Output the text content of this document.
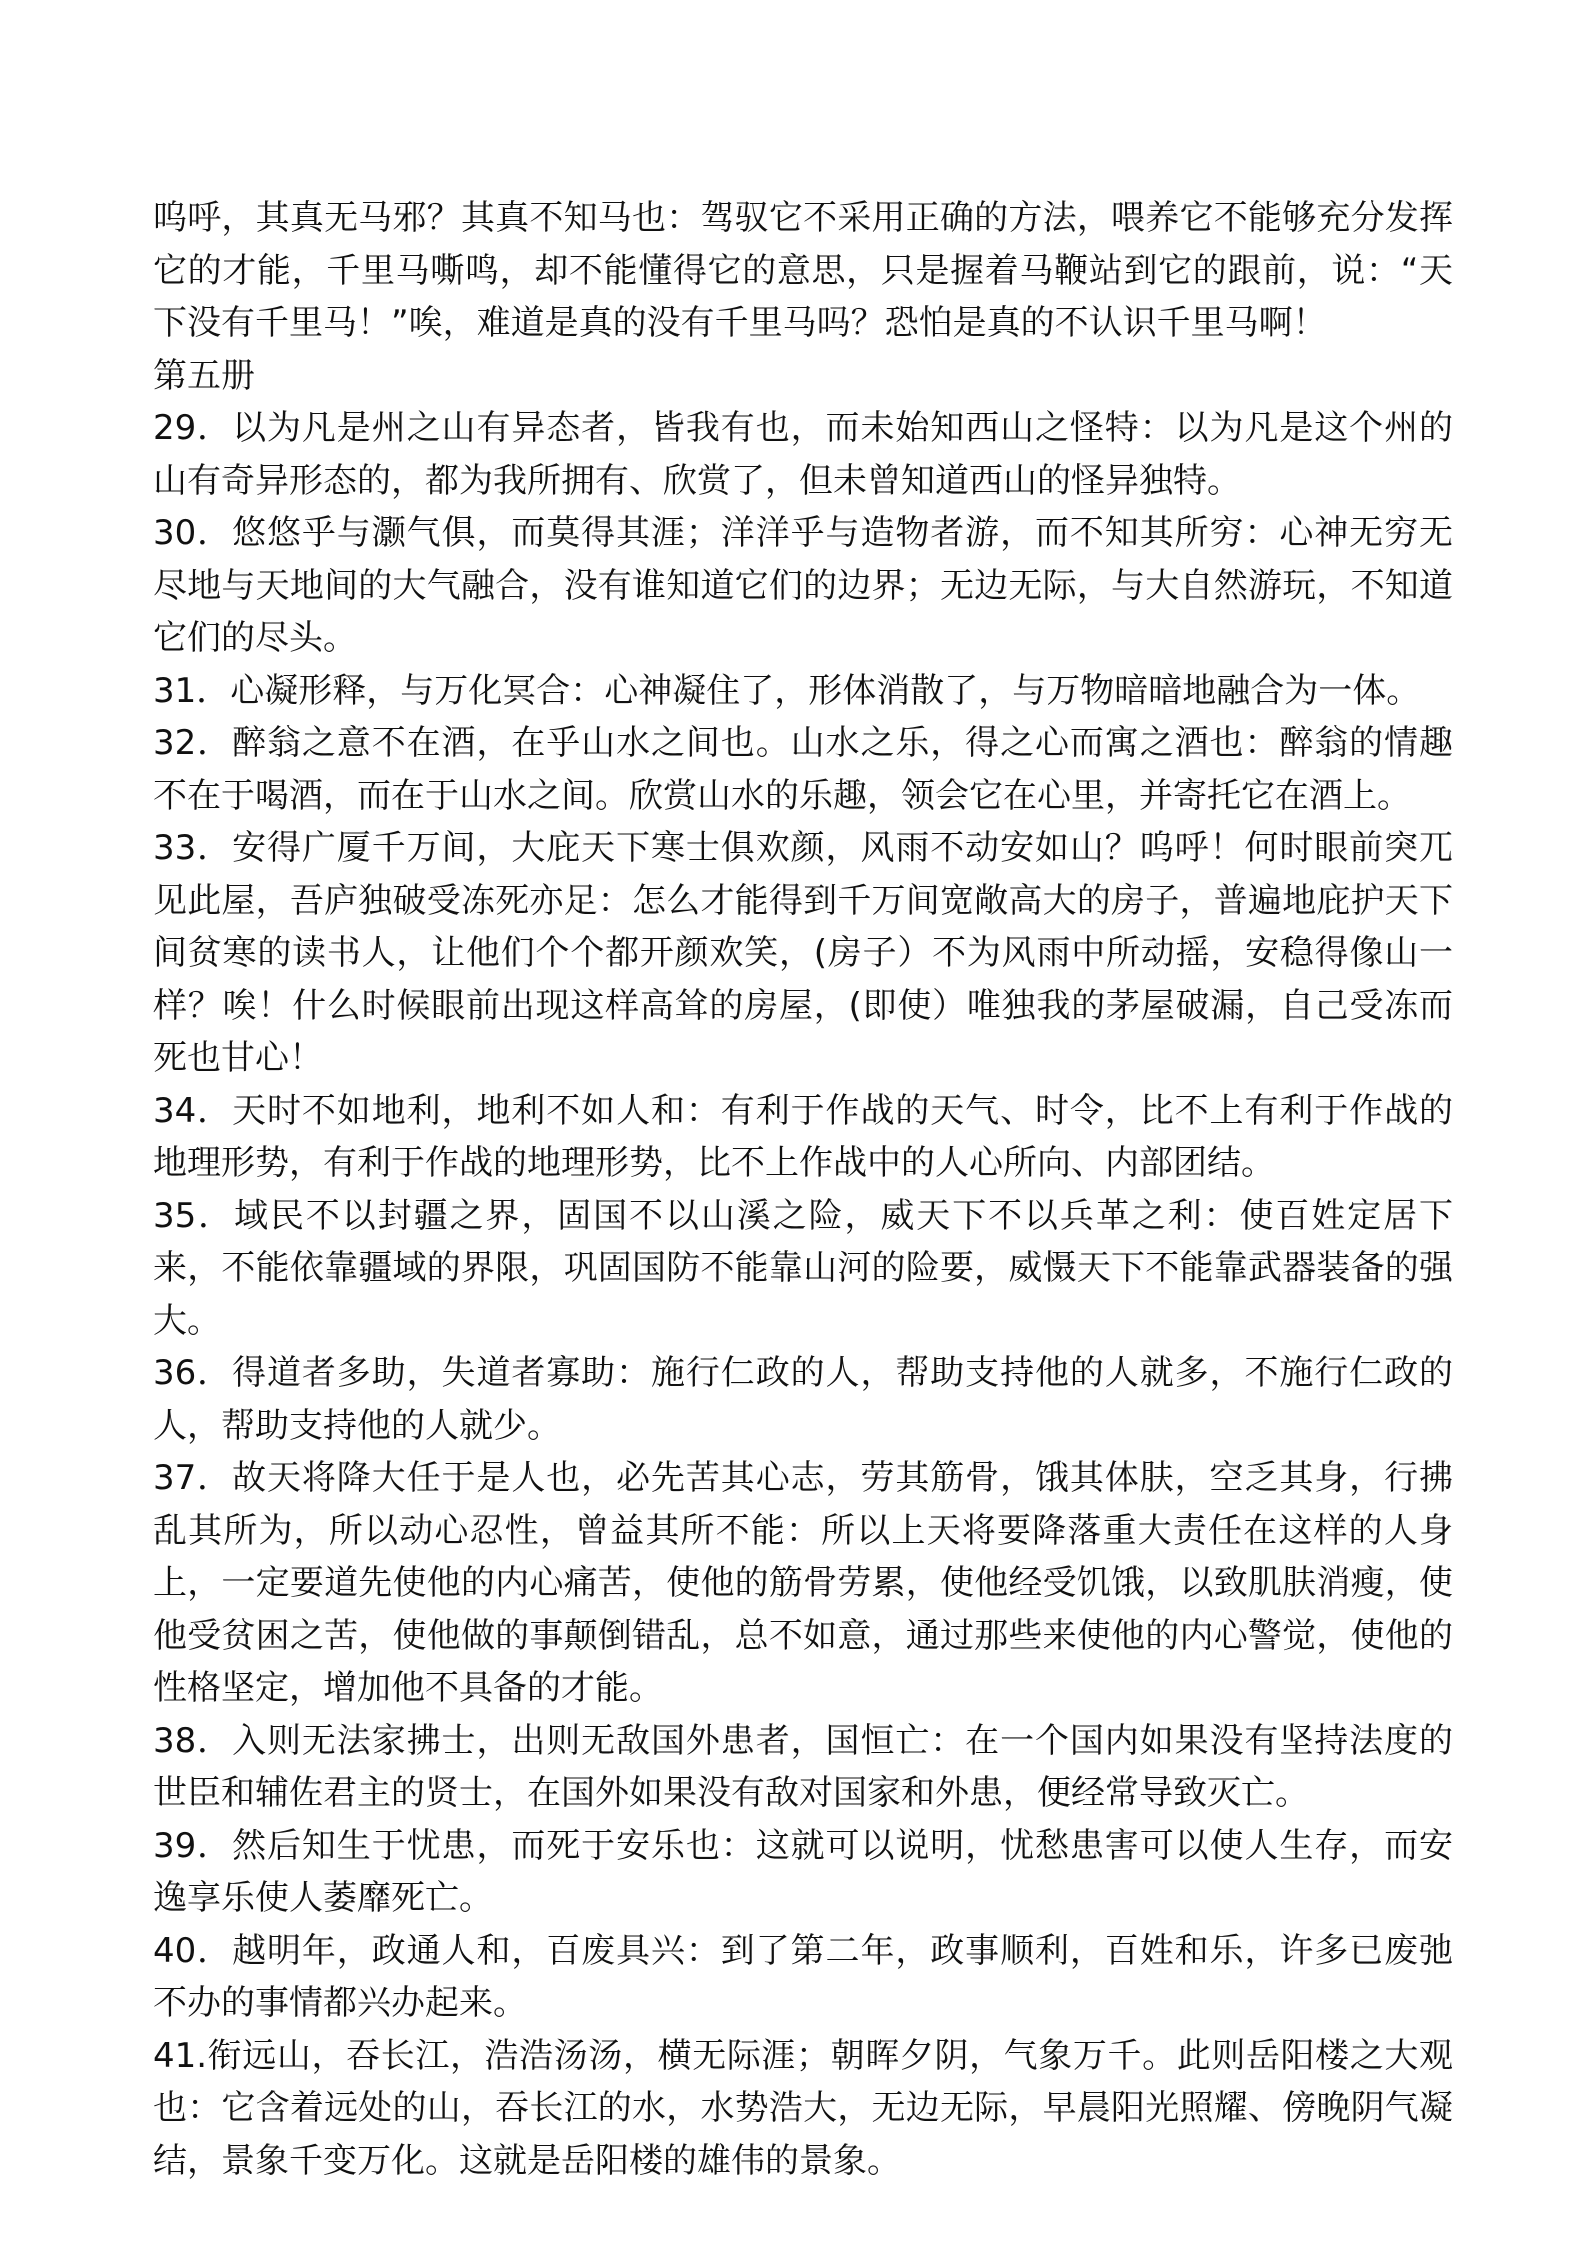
呜呼，其真无马邪？其真不知马也：驾驭它不采用正确的方法，喂养它不能够充分发挥它的才能，千里马嘶鸣，却不能懂得它的意思，只是握着马鞭站到它的跟前，说：“天下没有千里马！”唉，难道是真的没有千里马吗？恐怕是真的不认识千里马啊！

第五册

29．以为凡是州之山有异态者，皆我有也，而未始知西山之怪特：以为凡是这个州的山有奇异形态的，都为我所拥有、欣赏了，但未曾知道西山的怪异独特。

30．悠悠乎与灏气俱，而莫得其涯；洋洋乎与造物者游，而不知其所穷：心神无穷无尽地与天地间的大气融合，没有谁知道它们的边界；无边无际，与大自然游玩，不知道它们的尽头。

31．心凝形释，与万化冥合：心神凝住了，形体消散了，与万物暗暗地融合为一体。

32．醉翁之意不在酒，在乎山水之间也。山水之乐，得之心而寓之酒也：醉翁的情趣不在于喝酒，而在于山水之间。欣赏山水的乐趣，领会它在心里，并寄托它在酒上。

33．安得广厦千万间，大庇天下寒士俱欢颜，风雨不动安如山？呜呼！何时眼前突兀见此屋，吾庐独破受冻死亦足：怎么才能得到千万间宽敞高大的房子，普遍地庇护天下间贫寒的读书人，让他们个个都开颜欢笑，(房子）不为风雨中所动摇，安稳得像山一样？唉！什么时候眼前出现这样高耸的房屋，(即使）唯独我的茅屋破漏，自己受冻而死也甘心！

34．天时不如地利，地利不如人和：有利于作战的天气、时令，比不上有利于作战的地理形势，有利于作战的地理形势，比不上作战中的人心所向、内部团结。

35．域民不以封疆之界，固国不以山溪之险，威天下不以兵革之利：使百姓定居下来，不能依靠疆域的界限，巩固国防不能靠山河的险要，威慑天下不能靠武器装备的强大。

36．得道者多助，失道者寡助：施行仁政的人，帮助支持他的人就多，不施行仁政的人，帮助支持他的人就少。

37．故天将降大任于是人也，必先苦其心志，劳其筋骨，饿其体肤，空乏其身，行拂乱其所为，所以动心忍性，曾益其所不能：所以上天将要降落重大责任在这样的人身上，一定要道先使他的内心痛苦，使他的筋骨劳累，使他经受饥饿，以致肌肤消瘦，使他受贫困之苦，使他做的事颠倒错乱，总不如意，通过那些来使他的内心警觉，使他的性格坚定，增加他不具备的才能。

38．入则无法家拂士，出则无敌国外患者，国恒亡：在一个国内如果没有坚持法度的世臣和辅佐君主的贤士，在国外如果没有敌对国家和外患，便经常导致灭亡。

39．然后知生于忧患，而死于安乐也：这就可以说明，忧愁患害可以使人生存，而安逸享乐使人萎靡死亡。

40．越明年，政通人和，百废具兴：到了第二年，政事顺利，百姓和乐，许多已废弛不办的事情都兴办起来。

41.衔远山，吞长江，浩浩汤汤，横无际涯；朝晖夕阴，气象万千。此则岳阳楼之大观也：它含着远处的山，吞长江的水，水势浩大，无边无际，早晨阳光照耀、傍晚阴气凝结，景象千变万化。这就是岳阳楼的雄伟的景象。
